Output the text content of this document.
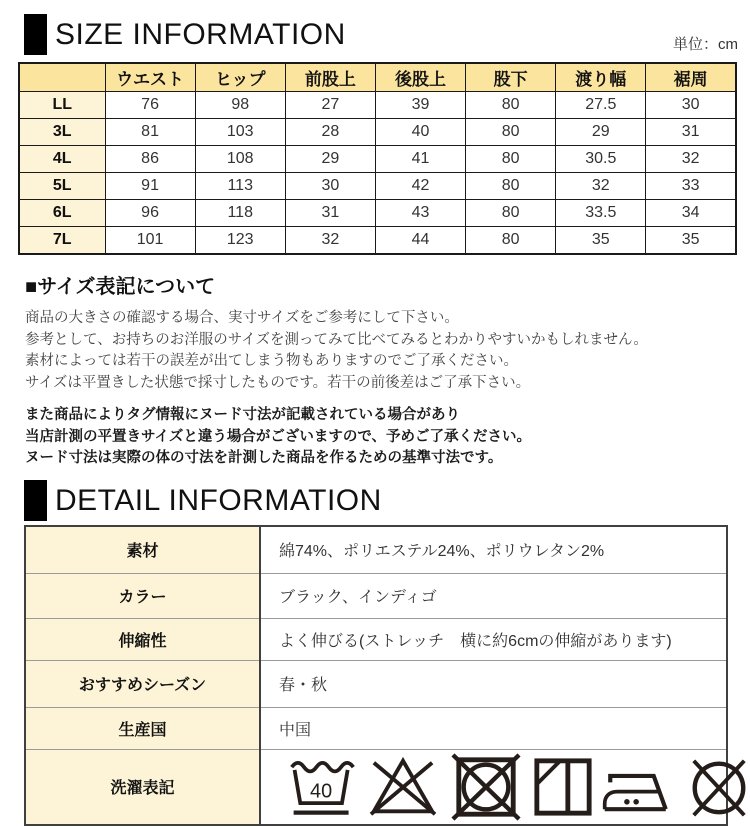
SIZE INFORMATION	単位：cm
	ウエスト	ヒップ	前股上	後股上	股下	渡り幅	裾周
LL	76	98	27	39	80	27.5	30
3L	81	103	28	40	80	29	31
4L	86	108	29	41	80	30.5	32
5L	91	113	30	42	80	32	33
6L	96	118	31	43	80	33.5	34
7L	101	123	32	44	80	35	35
■サイズ表記について
商品の大きさの確認する場合、実寸サイズをご参考にして下さい。
参考として、お持ちのお洋服のサイズを測ってみて比べてみるとわかりやすいかもしれません。
素材によっては若干の誤差が出てしまう物もありますのでご了承ください。
サイズは平置きした状態で採寸したものです。若干の前後差はご了承下さい。
また商品によりタグ情報にヌード寸法が記載されている場合があり
当店計測の平置きサイズと違う場合がございますので、予めご了承ください。
ヌード寸法は実際の体の寸法を計測した商品を作るための基準寸法です。
DETAIL INFORMATION
素材	綿74%、ポリエステル24%、ポリウレタン2%
カラー	ブラック、インディゴ
伸縮性	よく伸びる(ストレッチ　横に約6cmの伸縮があります)
おすすめシーズン	春・秋
生産国	中国
洗濯表記	40
